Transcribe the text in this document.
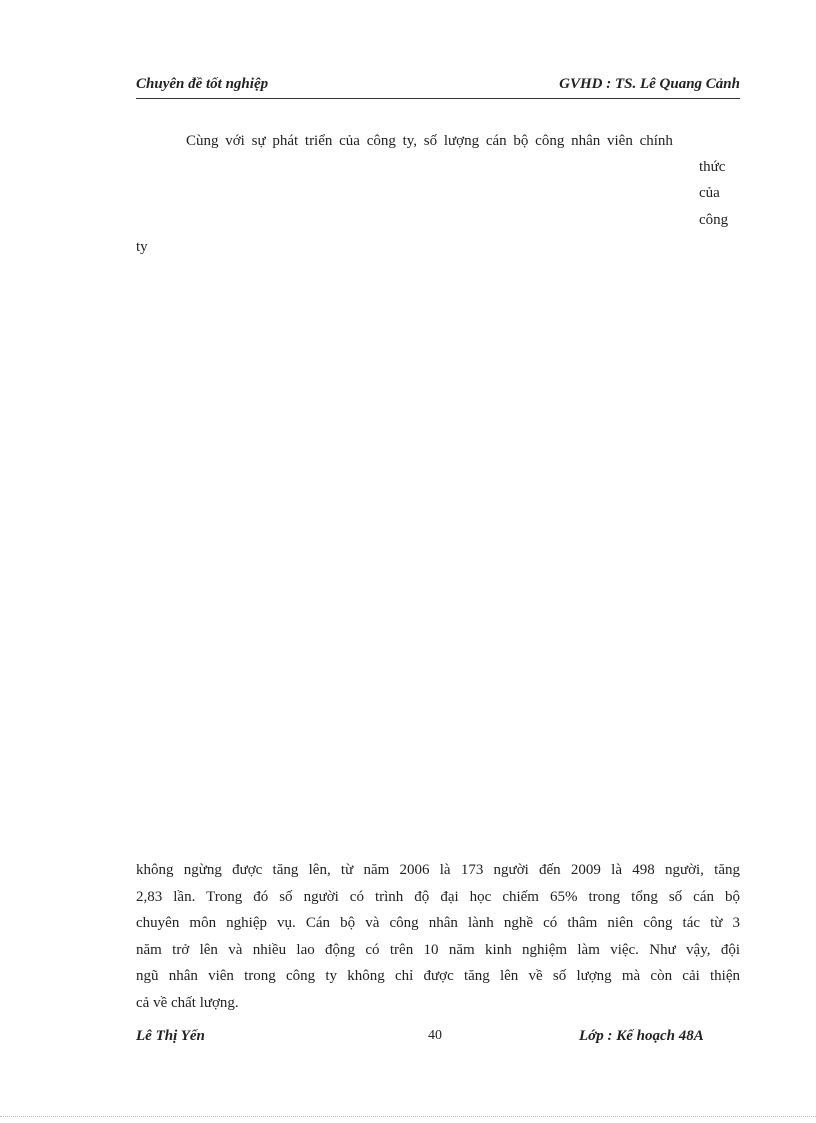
Chuyên đề tốt nghiệp	GVHD : TS. Lê Quang Cảnh
Cùng với sự phát triển của công ty, số lượng cán bộ công nhân viên chính
thức
của
công
ty
không ngừng được tăng lên, từ năm 2006 là 173 người đến 2009 là 498 người, tăng
2,83 lần. Trong đó số người có trình độ đại học chiếm 65% trong tổng số cán bộ
chuyên môn nghiệp vụ. Cán bộ và công nhân lành nghề có thâm niên công tác từ 3
năm trở lên và nhiều lao động có trên 10 năm kinh nghiệm làm việc. Như vậy, đội
ngũ nhân viên trong công ty không chỉ được tăng lên về số lượng mà còn cải thiện
cả về chất lượng.
Lê Thị Yến	40	Lớp : Kế hoạch 48A
